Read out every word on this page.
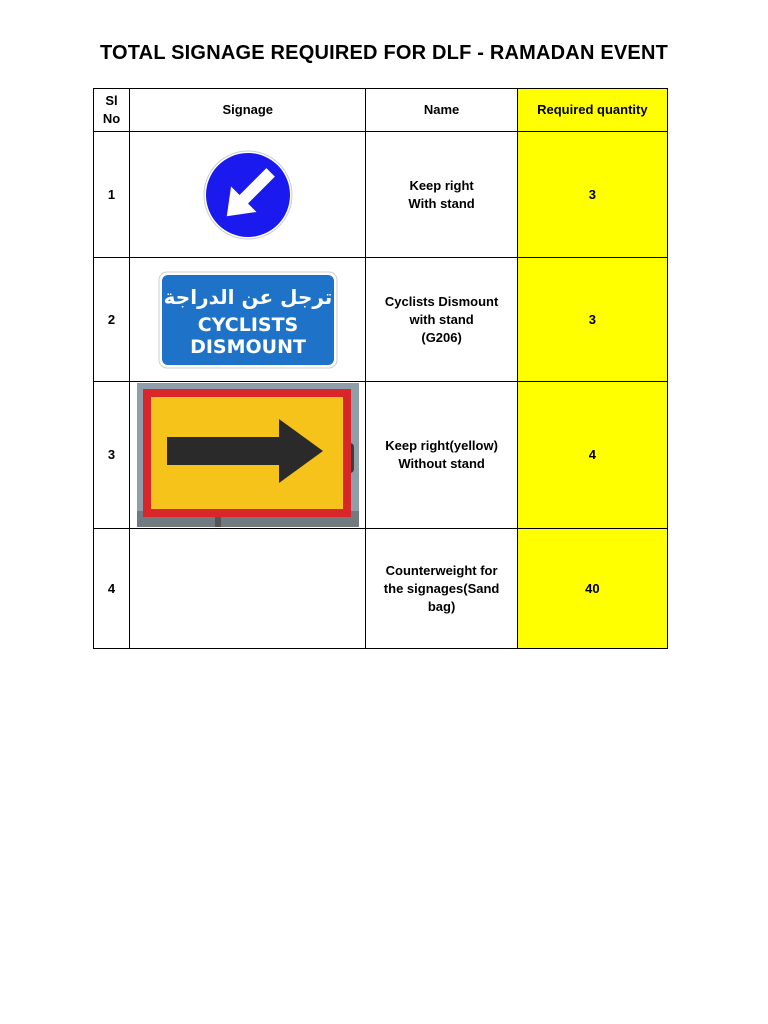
TOTAL SIGNAGE REQUIRED FOR DLF - RAMADAN EVENT
Sl
No	Signage	Name	Required quantity
1		Keep right
With stand	3
2	ترجل عن الدراجة
CYCLISTS
DISMOUNT	Cyclists Dismount
with stand
(G206)	3
3		Keep right(yellow)
Without stand	4
4		Counterweight for
the signages(Sand
bag)	40
